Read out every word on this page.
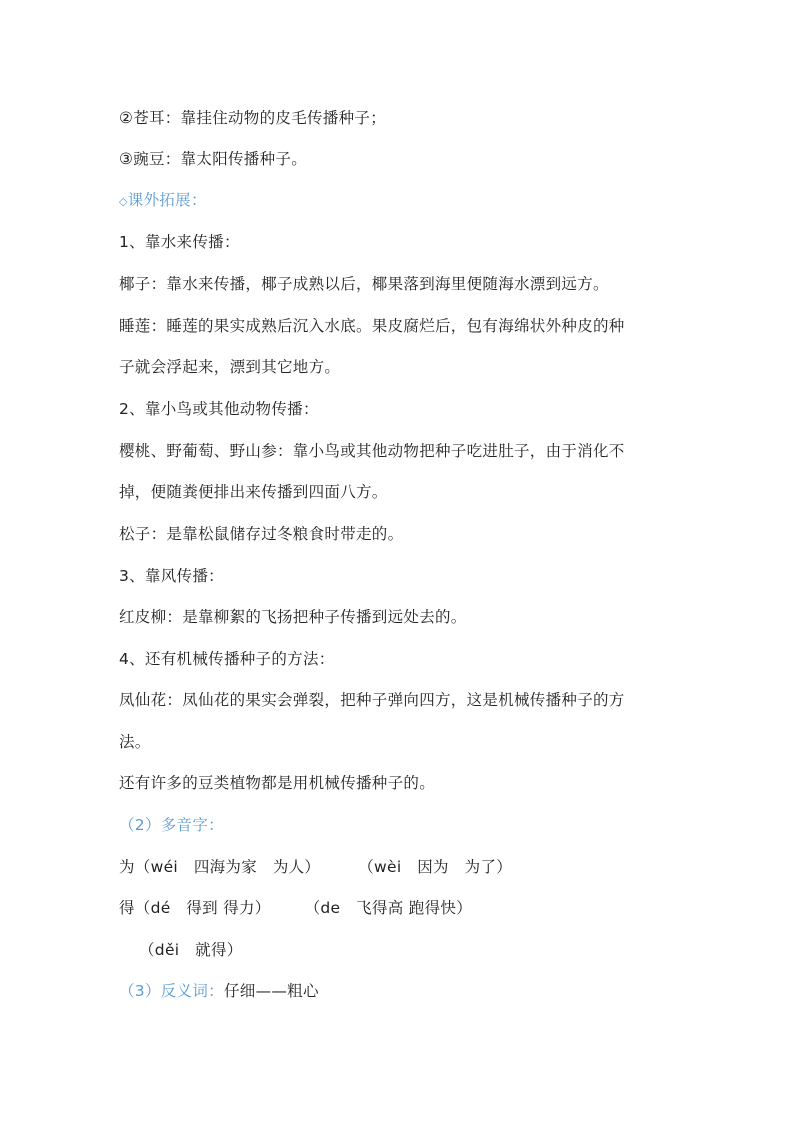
②苍耳：靠挂住动物的皮毛传播种子；
③豌豆：靠太阳传播种子。
◇课外拓展：
1、靠水来传播：
椰子：靠水来传播，椰子成熟以后，椰果落到海里便随海水漂到远方。
睡莲：睡莲的果实成熟后沉入水底。果皮腐烂后，包有海绵状外种皮的种
子就会浮起来，漂到其它地方。
2、靠小鸟或其他动物传播：
樱桃、野葡萄、野山参：靠小鸟或其他动物把种子吃进肚子，由于消化不
掉，便随粪便排出来传播到四面八方。
松子：是靠松鼠储存过冬粮食时带走的。
3、靠风传播：
红皮柳：是靠柳絮的飞扬把种子传播到远处去的。
4、还有机械传播种子的方法：
凤仙花：凤仙花的果实会弹裂，把种子弹向四方，这是机械传播种子的方
法。
还有许多的豆类植物都是用机械传播种子的。
（2）多音字：
为（wéi　四海为家　为人） （wèi　因为　为了）
得（dé　得到 得力） （de　飞得高 跑得快）
（děi　就得）
（3）反义词：仔细——粗心
